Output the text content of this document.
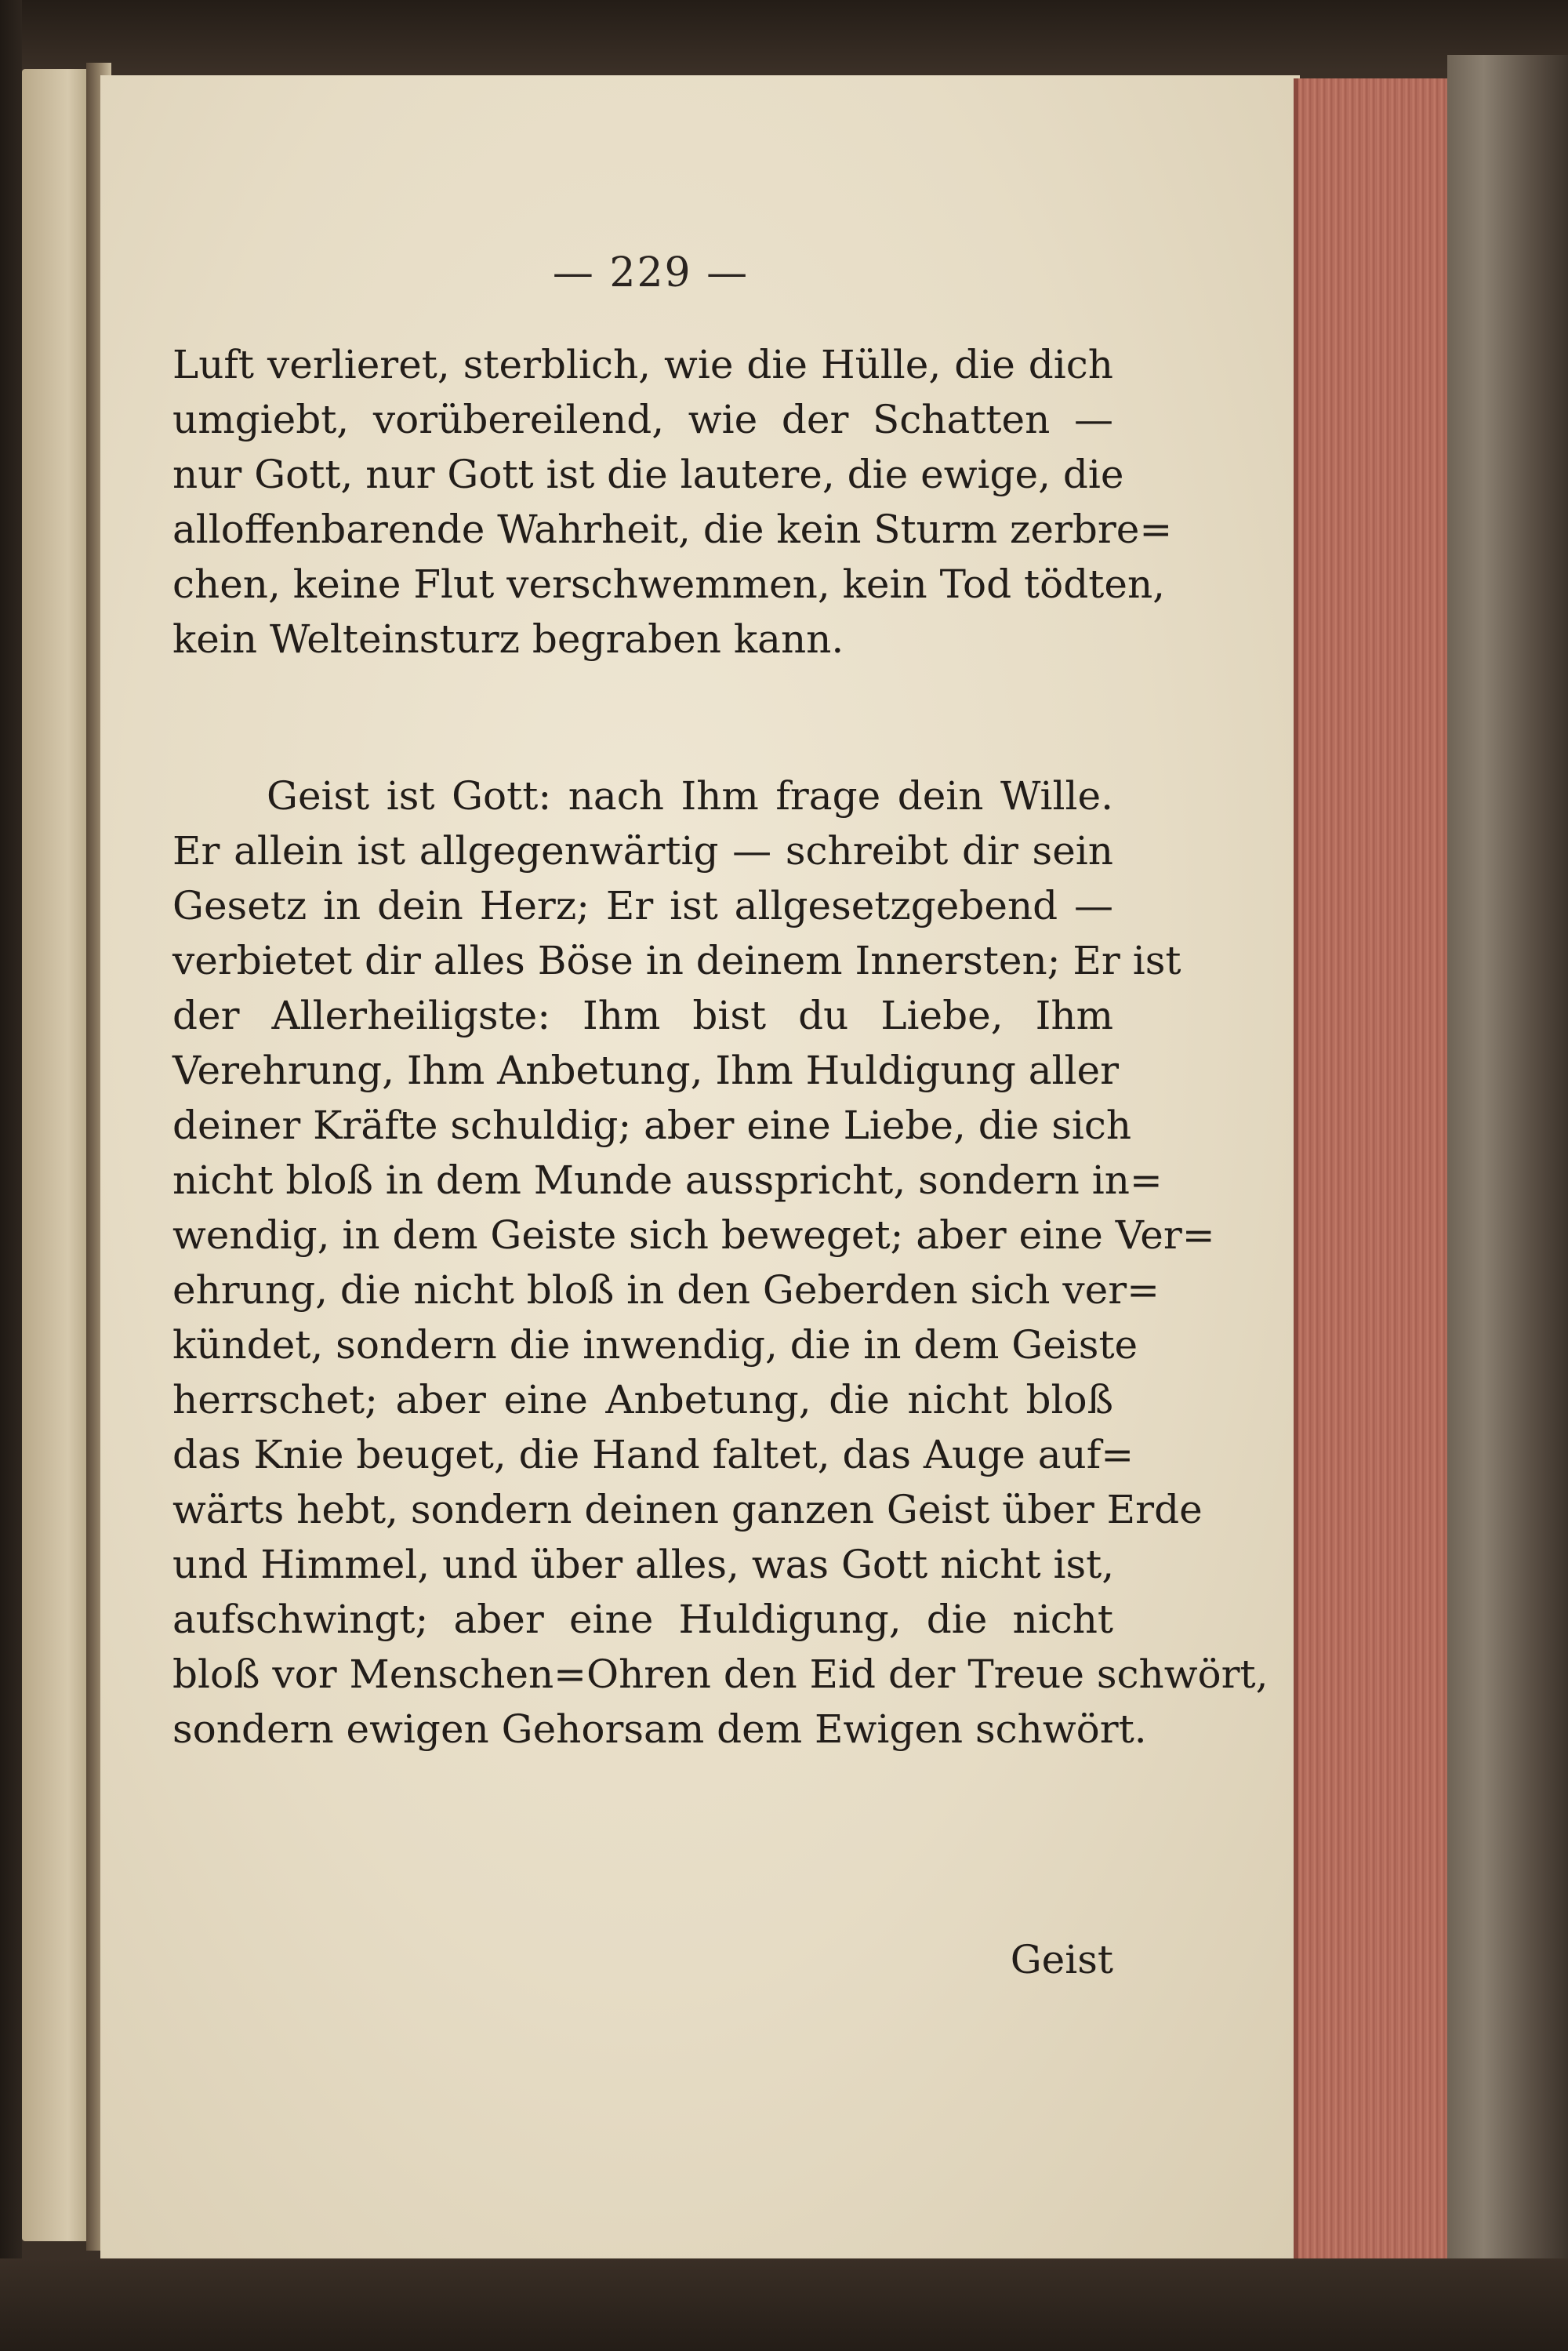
— 229 —
Luft verlieret, sterblich, wie die Hülle, die dich
umgiebt, vorübereilend, wie der Schatten —
nur Gott, nur Gott ist die lautere, die ewige, die
alloffenbarende Wahrheit, die kein Sturm zerbre=
chen, keine Flut verschwemmen, kein Tod tödten,
kein Welteinsturz begraben kann.
Geist ist Gott: nach Ihm frage dein Wille.
Er allein ist allgegenwärtig — schreibt dir sein
Gesetz in dein Herz; Er ist allgesetzgebend —
verbietet dir alles Böse in deinem Innersten; Er ist
der Allerheiligste: Ihm bist du Liebe, Ihm
Verehrung, Ihm Anbetung, Ihm Huldigung aller
deiner Kräfte schuldig; aber eine Liebe, die sich
nicht bloß in dem Munde ausspricht, sondern in=
wendig, in dem Geiste sich beweget; aber eine Ver=
ehrung, die nicht bloß in den Geberden sich ver=
kündet, sondern die inwendig, die in dem Geiste
herrschet; aber eine Anbetung, die nicht bloß
das Knie beuget, die Hand faltet, das Auge auf=
wärts hebt, sondern deinen ganzen Geist über Erde
und Himmel, und über alles, was Gott nicht ist,
aufschwingt; aber eine Huldigung, die nicht
bloß vor Menschen=Ohren den Eid der Treue schwört,
sondern ewigen Gehorsam dem Ewigen schwört.
Geist
